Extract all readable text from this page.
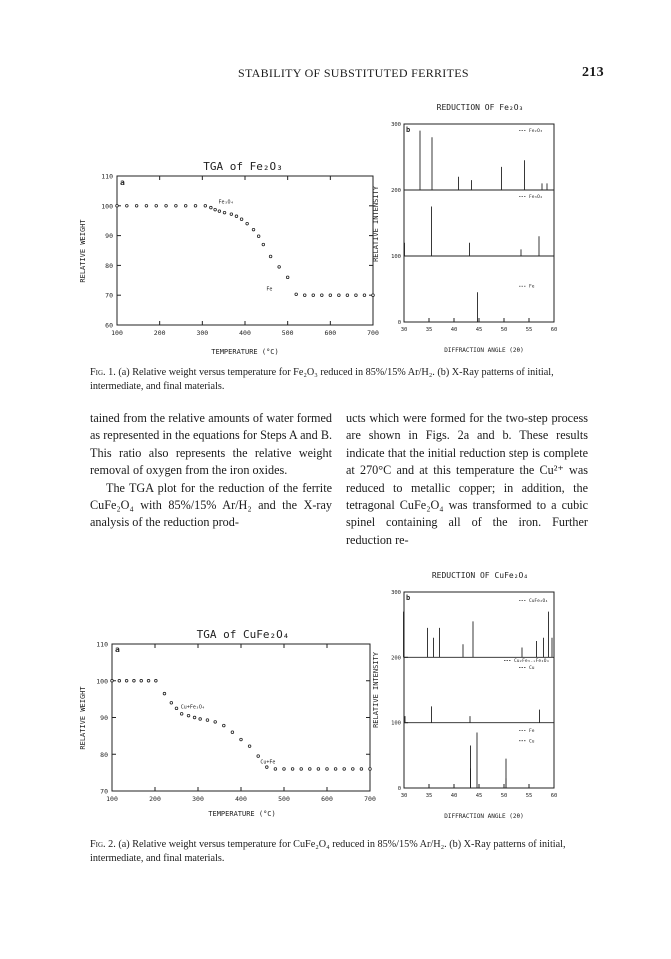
STABILITY OF SUBSTITUTED FERRITES	213
TGA of Fe₂O₃
a
RELATIVE WEIGHT
TEMPERATURE (°C)
100	200	300	400	500	600	700
60
70
80
90
100
110
Fe₃O₄
Fe
REDUCTION OF Fe₂O₃
b
RELATIVE INTENSITY
DIFFRACTION ANGLE (2θ)
30	35	40	45	50	55	60
0
100
200
300
Fe₂O₃
Fe₃O₄
Fe
Fig. 1. (a) Relative weight versus temperature for Fe₂O₃ reduced in 85%/15% Ar/H₂. (b) X-Ray patterns of initial, intermediate, and final materials.

tained from the relative amounts of water formed as represented in the equations for Steps A and B. This ratio also represents the relative weight removal of oxygen from the iron oxides.

The TGA plot for the reduction of the ferrite CuFe₂O₄ with 85%/15% Ar/H₂ and the X-ray analysis of the reduction prod-

ucts which were formed for the two-step process are shown in Figs. 2a and b. These results indicate that the initial reduction step is complete at 270°C and at this temperature the Cu²⁺ was reduced to metallic copper; in addition, the tetragonal CuFe₂O₄ was transformed to a cubic spinel containing all of the iron. Further reduction re-

TGA of CuFe₂O₄
a
RELATIVE WEIGHT
TEMPERATURE (°C)
100	200	300	400	500	600	700
70
80
90
100
110
Cu+Fe₃O₄
Cu+Fe
REDUCTION OF CuFe₂O₄
b
RELATIVE INTENSITY
DIFFRACTION ANGLE (2θ)
30	35	40	45	50	55	60
0
100
200
300
CuFe₂O₄
Cu₂Fe₃₋ₓFe₂O₄
Cu
Fe
Cu
Fig. 2. (a) Relative weight versus temperature for CuFe₂O₄ reduced in 85%/15% Ar/H₂. (b) X-Ray patterns of initial, intermediate, and final materials.
